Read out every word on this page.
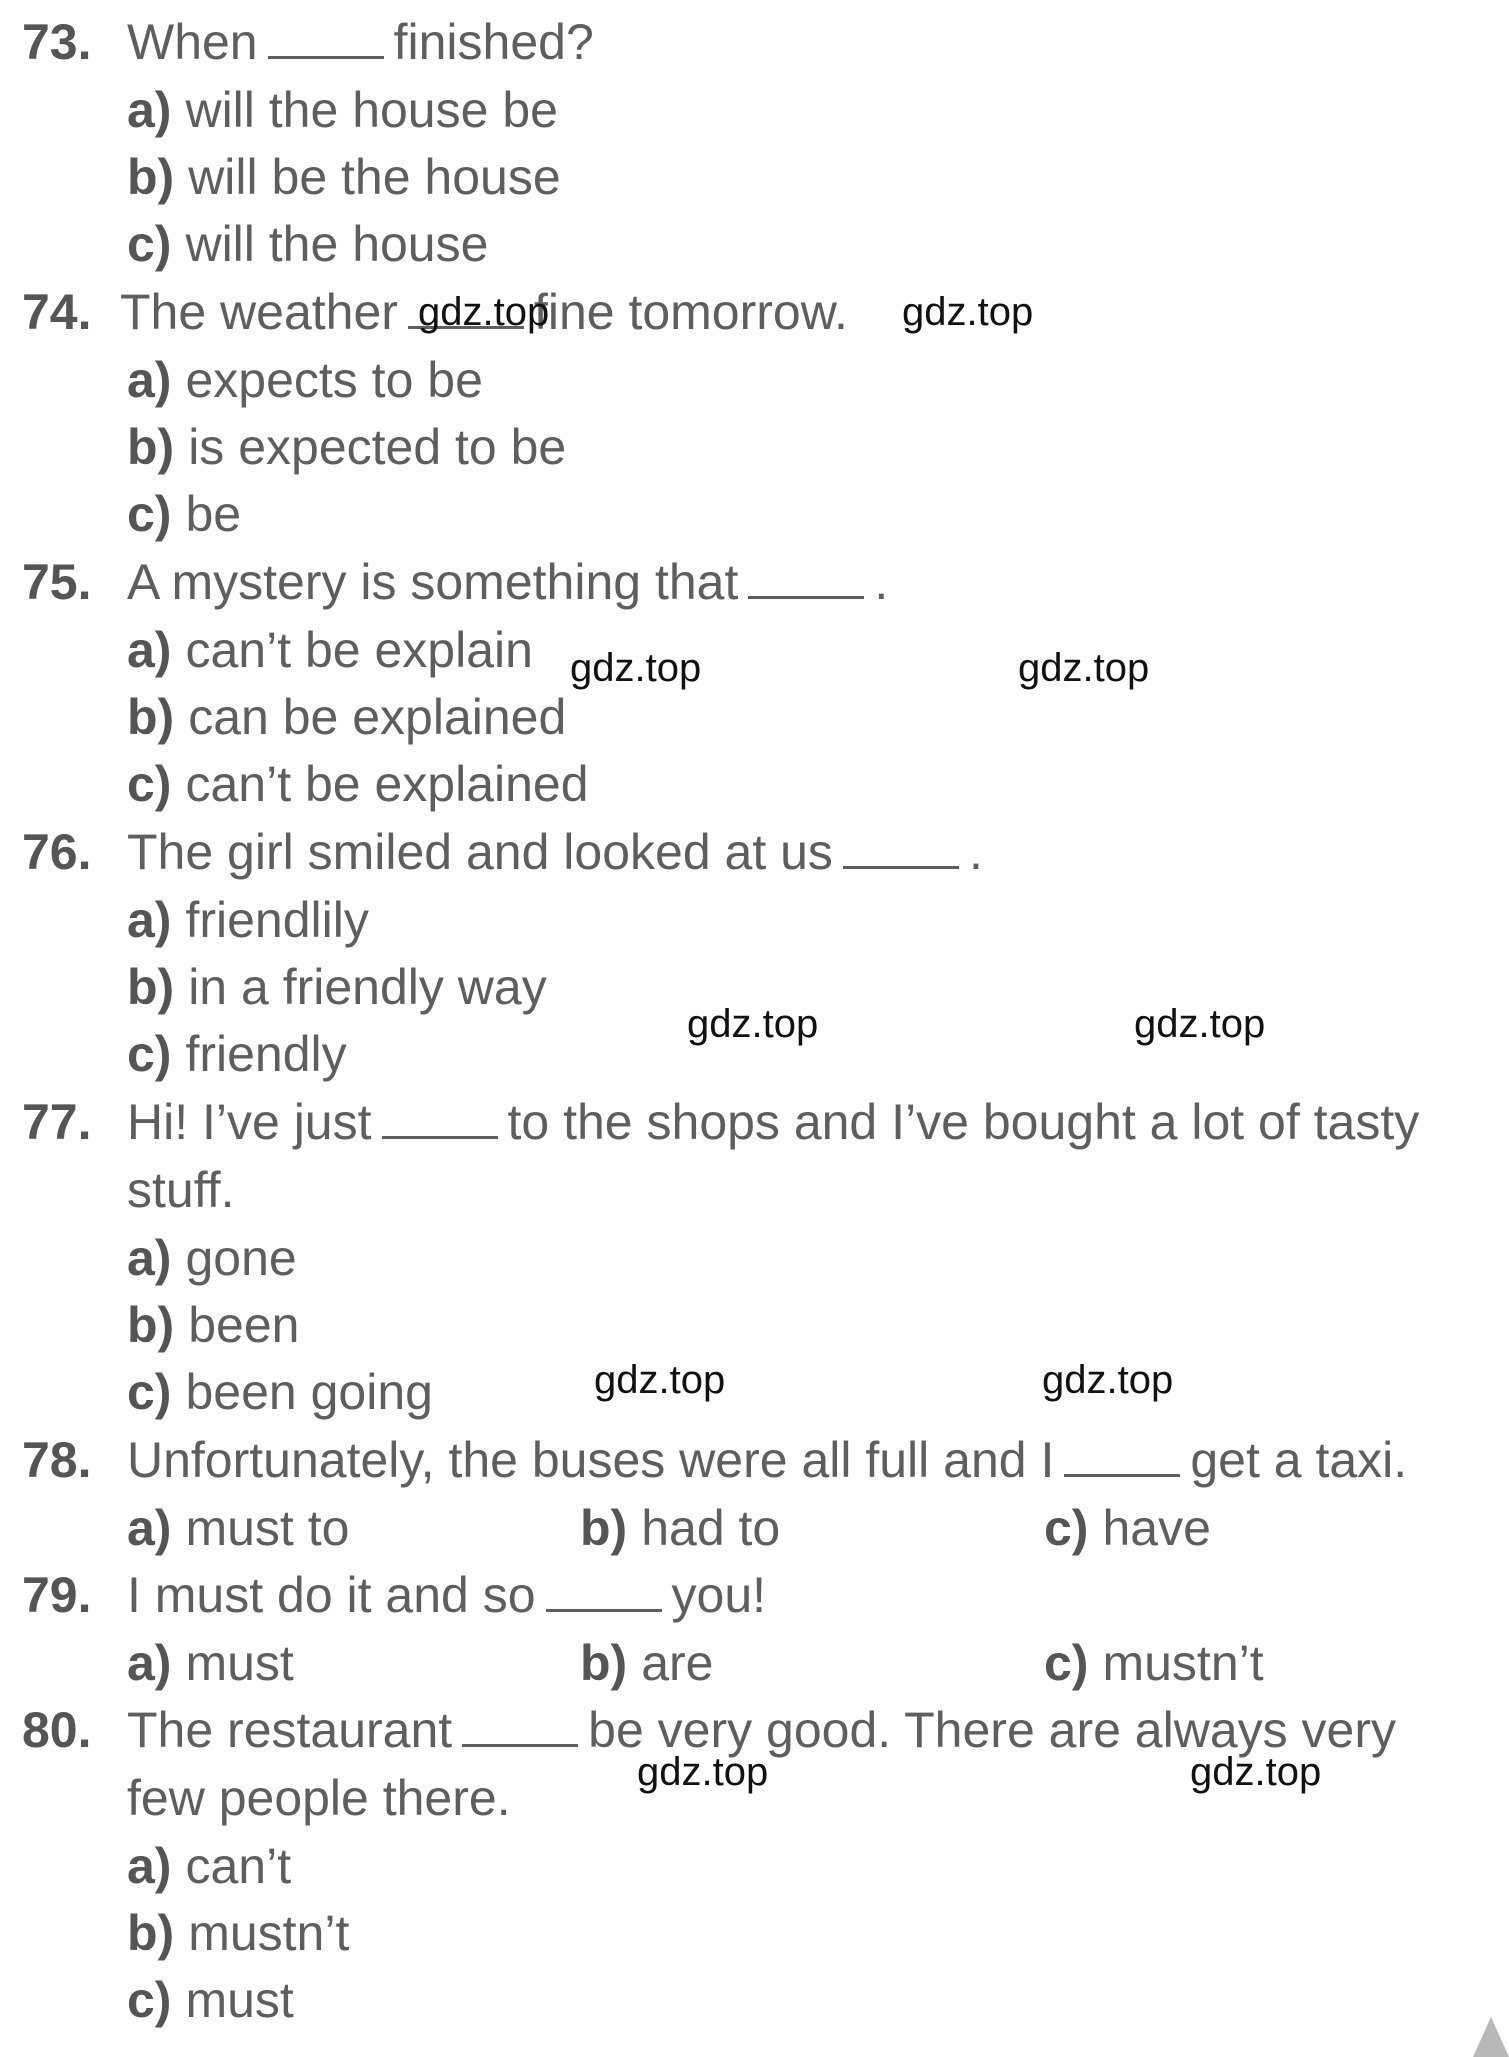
73. When	finished?
a) will the house be
b) will be the house
c) will the house
74. The weather	fine tomorrow.
a) expects to be
b) is expected to be
c) be
75. A mystery is something that	.
a) can’t be explain
b) can be explained
c) can’t be explained
76. The girl smiled and looked at us	.
a) friendlily
b) in a friendly way
c) friendly
77. Hi! I’ve just	to the shops and I’ve bought a lot of tasty
stuff.
a) gone
b) been
c) been going
78. Unfortunately, the buses were all full and I	get a taxi.
a) must to	b) had to	c) have
79. I must do it and so	you!
a) must	b) are	c) mustn’t
80. The restaurant	be very good. There are always very
few people there.
a) can’t
b) mustn’t
c) must
gdz.top	gdz.top
gdz.top	gdz.top
gdz.top	gdz.top
gdz.top	gdz.top
gdz.top	gdz.top
